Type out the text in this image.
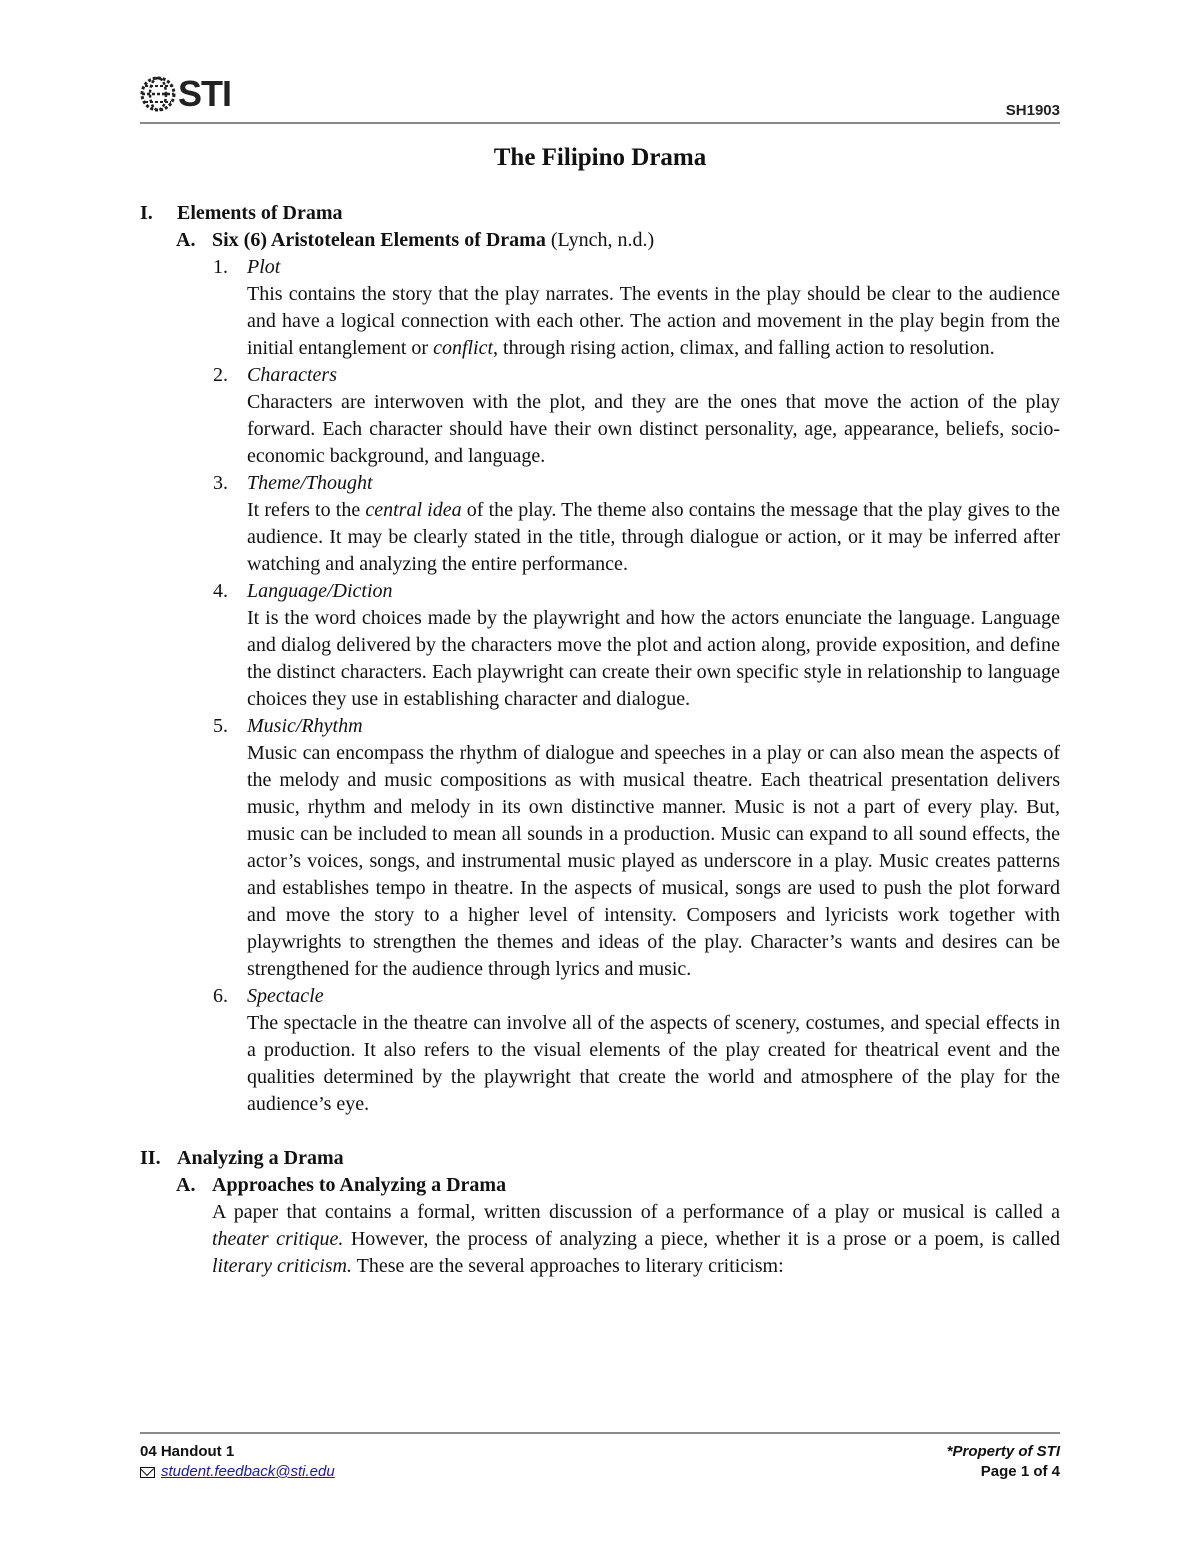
STI	SH1903
The Filipino Drama
I. Elements of Drama
A. Six (6) Aristotelean Elements of Drama (Lynch, n.d.)
1. Plot
This contains the story that the play narrates. The events in the play should be clear to the audience and have a logical connection with each other. The action and movement in the play begin from the initial entanglement or conflict, through rising action, climax, and falling action to resolution.
2. Characters
Characters are interwoven with the plot, and they are the ones that move the action of the play forward. Each character should have their own distinct personality, age, appearance, beliefs, socio-economic background, and language.
3. Theme/Thought
It refers to the central idea of the play. The theme also contains the message that the play gives to the audience. It may be clearly stated in the title, through dialogue or action, or it may be inferred after watching and analyzing the entire performance.
4. Language/Diction
It is the word choices made by the playwright and how the actors enunciate the language. Language and dialog delivered by the characters move the plot and action along, provide exposition, and define the distinct characters. Each playwright can create their own specific style in relationship to language choices they use in establishing character and dialogue.
5. Music/Rhythm
Music can encompass the rhythm of dialogue and speeches in a play or can also mean the aspects of the melody and music compositions as with musical theatre. Each theatrical presentation delivers music, rhythm and melody in its own distinctive manner. Music is not a part of every play. But, music can be included to mean all sounds in a production. Music can expand to all sound effects, the actor’s voices, songs, and instrumental music played as underscore in a play. Music creates patterns and establishes tempo in theatre. In the aspects of musical, songs are used to push the plot forward and move the story to a higher level of intensity. Composers and lyricists work together with playwrights to strengthen the themes and ideas of the play. Character’s wants and desires can be strengthened for the audience through lyrics and music.
6. Spectacle
The spectacle in the theatre can involve all of the aspects of scenery, costumes, and special effects in a production. It also refers to the visual elements of the play created for theatrical event and the qualities determined by the playwright that create the world and atmosphere of the play for the audience’s eye.
II. Analyzing a Drama
A. Approaches to Analyzing a Drama
A paper that contains a formal, written discussion of a performance of a play or musical is called a theater critique. However, the process of analyzing a piece, whether it is a prose or a poem, is called literary criticism. These are the several approaches to literary criticism:
04 Handout 1
student.feedback@sti.edu
*Property of STI
Page 1 of 4
